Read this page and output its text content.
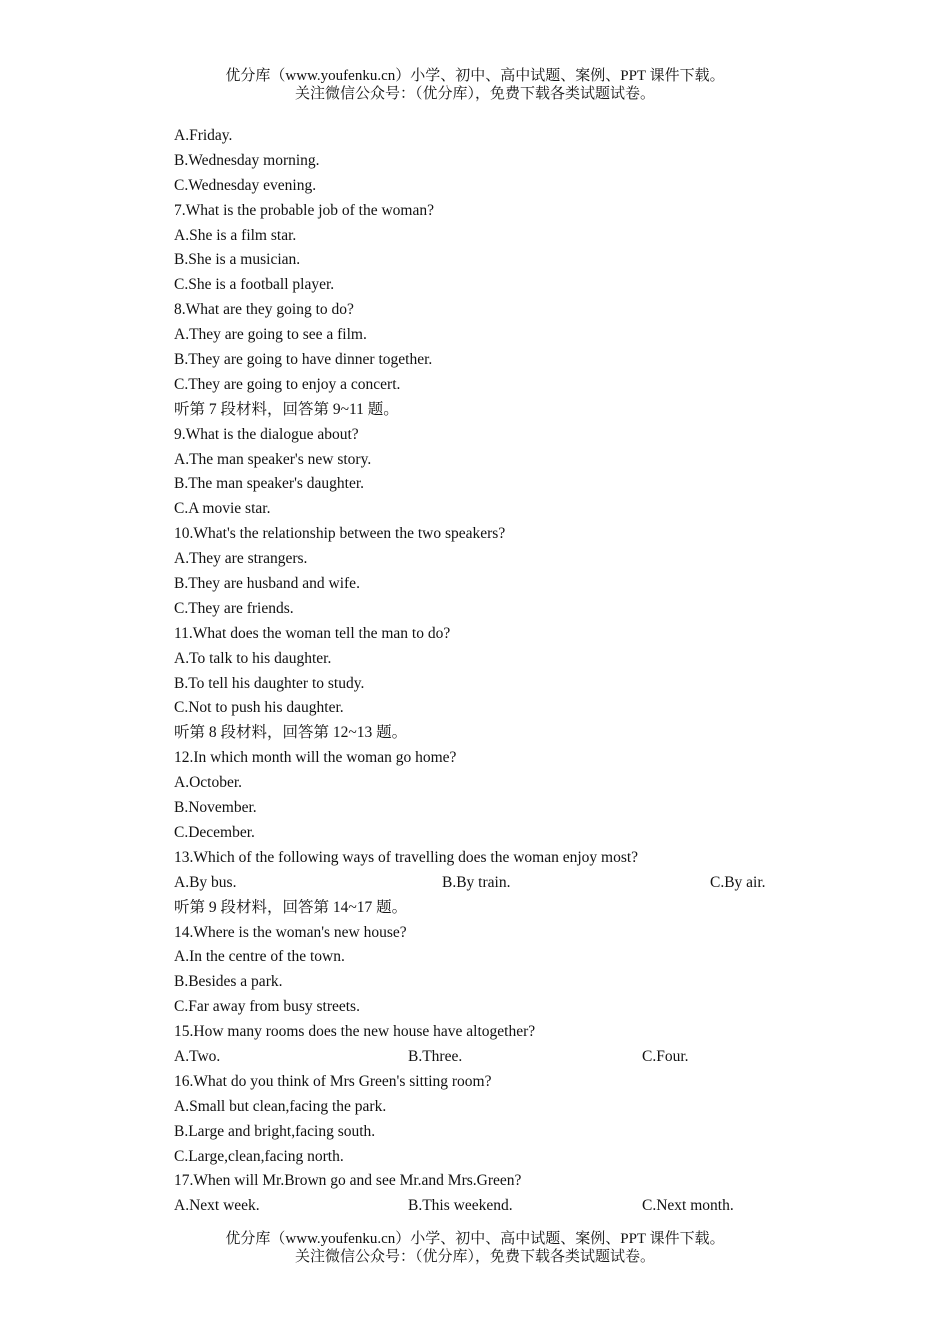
优分库（www.youfenku.cn）小学、初中、高中试题、案例、PPT 课件下载。
关注微信公众号：（优分库），免费下载各类试题试卷。
A.Friday.
B.Wednesday morning.
C.Wednesday evening.
7.What is the probable job of the woman?
A.She is a film star.
B.She is a musician.
C.She is a football player.
8.What are they going to do?
A.They are going to see a film.
B.They are going to have dinner together.
C.They are going to enjoy a concert.
听第 7 段材料，回答第 9~11 题。
9.What is the dialogue about?
A.The man speaker's new story.
B.The man speaker's daughter.
C.A movie star.
10.What's the relationship between the two speakers?
A.They are strangers.
B.They are husband and wife.
C.They are friends.
11.What does the woman tell the man to do?
A.To talk to his daughter.
B.To tell his daughter to study.
C.Not to push his daughter.
听第 8 段材料，回答第 12~13 题。
12.In which month will the woman go home?
A.October.
B.November.
C.December.
13.Which of the following ways of travelling does the woman enjoy most?
A.By bus.	B.By train.	C.By air.
听第 9 段材料，回答第 14~17 题。
14.Where is the woman's new house?
A.In the centre of the town.
B.Besides a park.
C.Far away from busy streets.
15.How many rooms does the new house have altogether?
A.Two.	B.Three.	C.Four.
16.What do you think of Mrs Green's sitting room?
A.Small but clean,facing the park.
B.Large and bright,facing south.
C.Large,clean,facing north.
17.When will Mr.Brown go and see Mr.and Mrs.Green?
A.Next week.	B.This weekend.	C.Next month.
优分库（www.youfenku.cn）小学、初中、高中试题、案例、PPT 课件下载。
关注微信公众号：（优分库），免费下载各类试题试卷。
